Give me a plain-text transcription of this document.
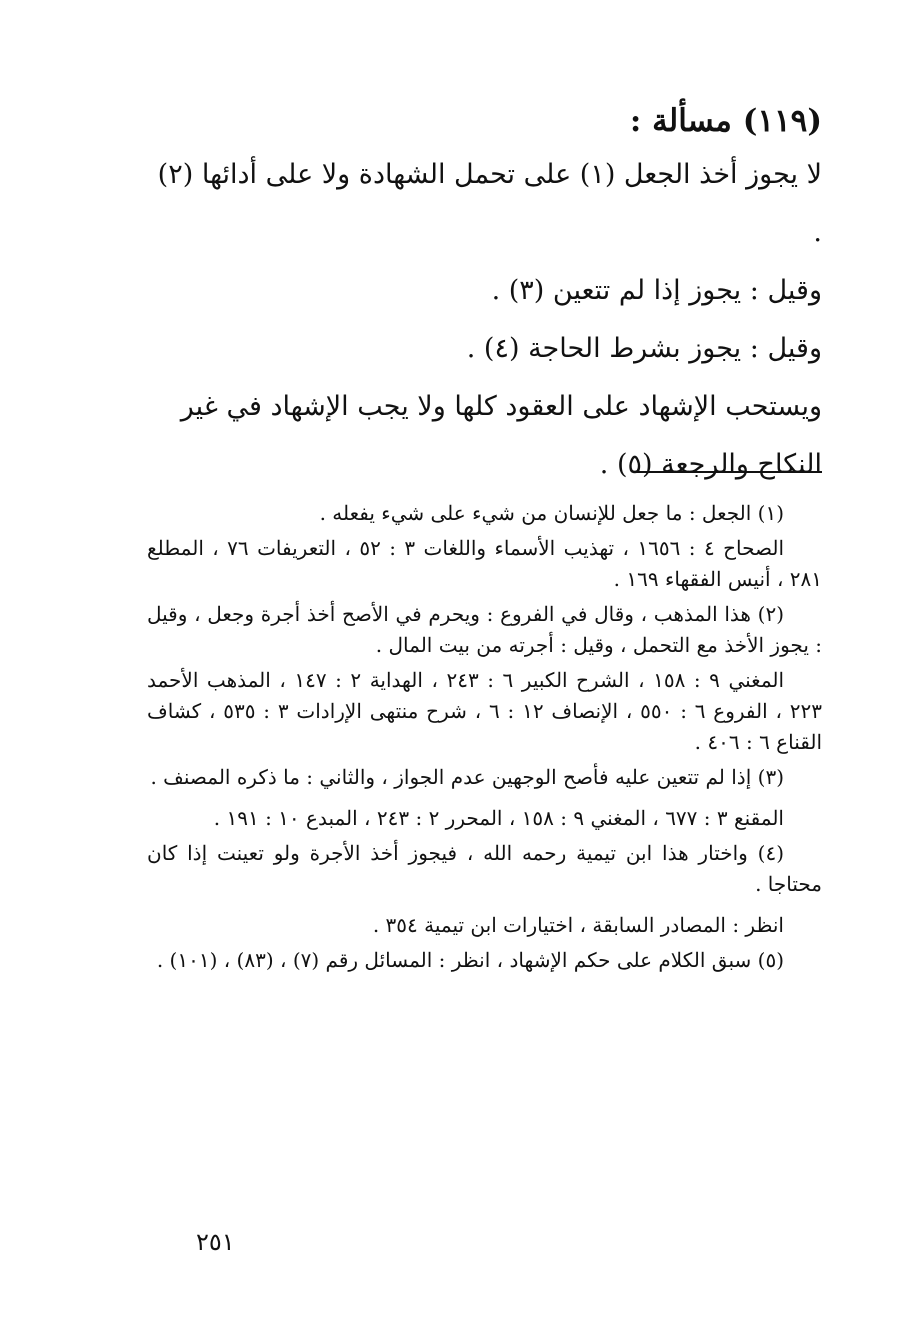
(١١٩) مسألة :

لا يجوز أخذ الجعل (١) على تحمل الشهادة ولا على أدائها (٢) .

وقيل : يجوز إذا لم تتعين (٣) .

وقيل : يجوز بشرط الحاجة (٤) .

ويستحب الإشهاد على العقود كلها ولا يجب الإشهاد في غير النكاح والرجعة (٥) .

(١) الجعل : ما جعل للإنسان من شيء على شيء يفعله .

الصحاح ٤ : ١٦٥٦ ، تهذيب الأسماء واللغات ٣ : ٥٢ ، التعريفات ٧٦ ، المطلع ٢٨١ ، أنيس الفقهاء ١٦٩ .

(٢) هذا المذهب ، وقال في الفروع : ويحرم في الأصح أخذ أجرة وجعل ، وقيل : يجوز الأخذ مع التحمل ، وقيل : أجرته من بيت المال .

المغني ٩ : ١٥٨ ، الشرح الكبير ٦ : ٢٤٣ ، الهداية ٢ : ١٤٧ ، المذهب الأحمد ٢٢٣ ، الفروع ٦ : ٥٥٠ ، الإنصاف ١٢ : ٦ ، شرح منتهى الإرادات ٣ : ٥٣٥ ، كشاف القناع ٦ : ٤٠٦ .

(٣) إذا لم تتعين عليه فأصح الوجهين عدم الجواز ، والثاني : ما ذكره المصنف .

المقنع ٣ : ٦٧٧ ، المغني ٩ : ١٥٨ ، المحرر ٢ : ٢٤٣ ، المبدع ١٠ : ١٩١ .

(٤) واختار هذا ابن تيمية رحمه الله ، فيجوز أخذ الأجرة ولو تعينت إذا كان محتاجا .

انظر : المصادر السابقة ، اختيارات ابن تيمية ٣٥٤ .

(٥) سبق الكلام على حكم الإشهاد ، انظر : المسائل رقم (٧) ، (٨٣) ، (١٠١) .

٢٥١
